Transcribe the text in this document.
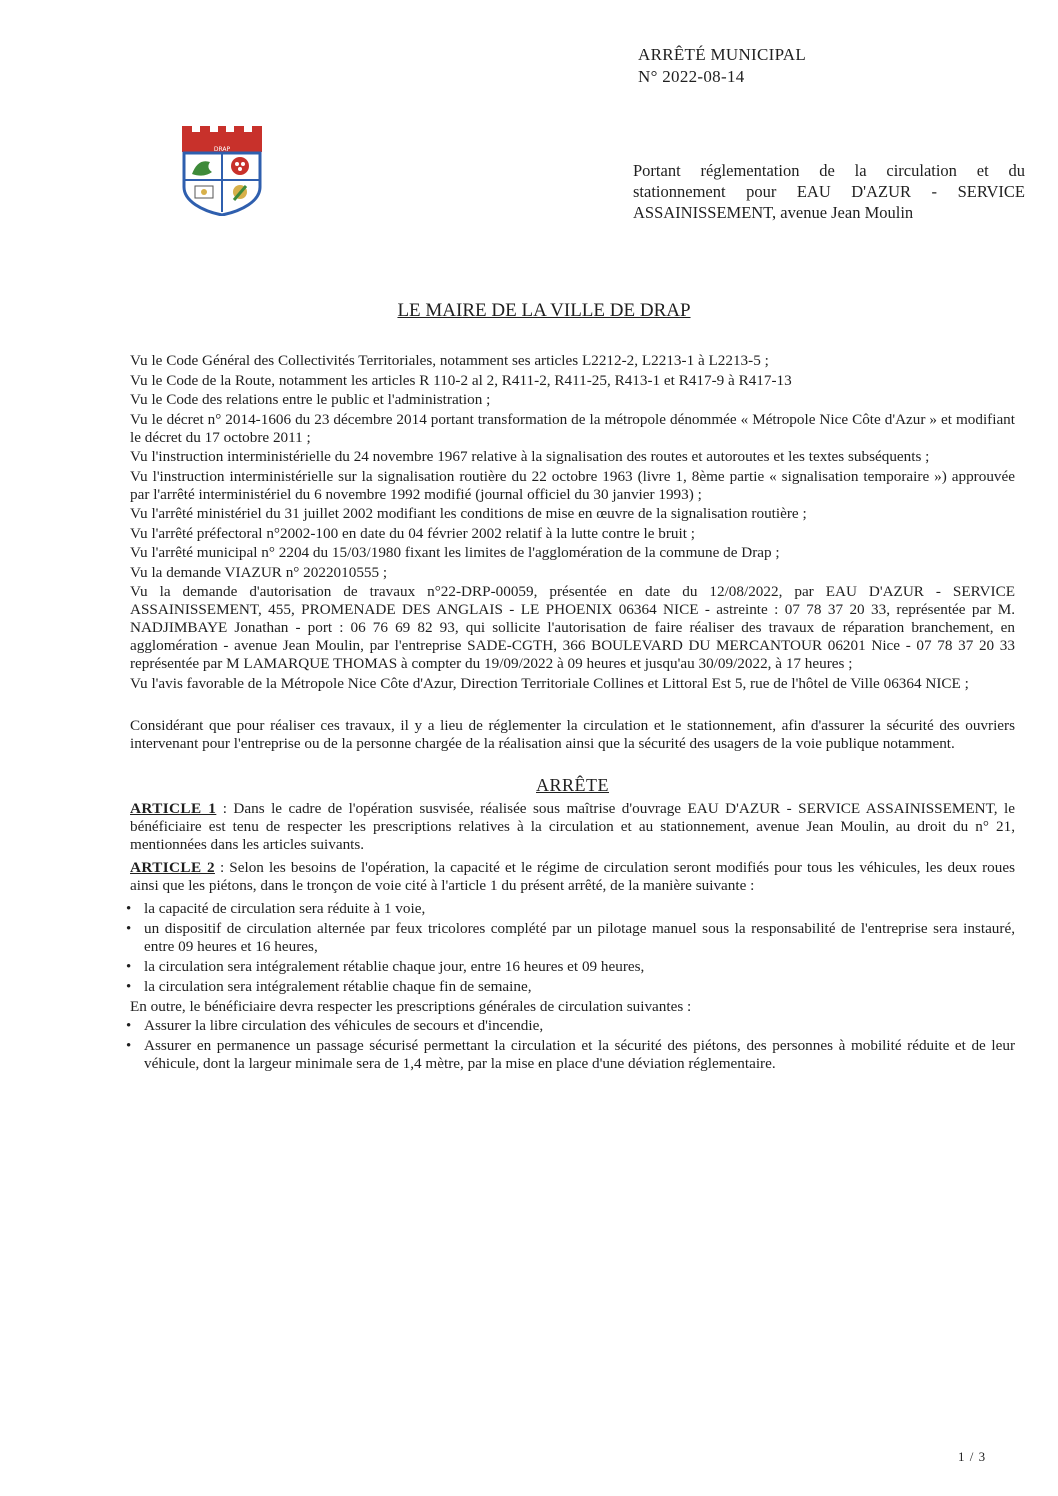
ARRÊTÉ MUNICIPAL
N° 2022-08-14
DRAP
Portant réglementation de la circulation et du stationnement pour EAU D'AZUR - SERVICE ASSAINISSEMENT, avenue Jean Moulin
LE MAIRE DE LA VILLE DE DRAP

Vu le Code Général des Collectivités Territoriales, notamment ses articles L2212-2, L2213-1 à L2213-5 ;

Vu le Code de la Route, notamment les articles R 110-2 al 2, R411-2, R411-25, R413-1 et R417-9 à R417-13

Vu le Code des relations entre le public et l'administration ;

Vu le décret n° 2014-1606 du 23 décembre 2014 portant transformation de la métropole dénommée « Métropole Nice Côte d'Azur » et modifiant le décret du 17 octobre 2011 ;

Vu l'instruction interministérielle du 24 novembre 1967 relative à la signalisation des routes et autoroutes et les textes subséquents ;

Vu l'instruction interministérielle sur la signalisation routière du 22 octobre 1963 (livre 1, 8ème partie « signalisation temporaire ») approuvée par l'arrêté interministériel du 6 novembre 1992 modifié (journal officiel du 30 janvier 1993) ;

Vu l'arrêté ministériel du 31 juillet 2002 modifiant les conditions de mise en œuvre de la signalisation routière ;

Vu l'arrêté préfectoral n°2002-100 en date du 04 février 2002 relatif à la lutte contre le bruit ;

Vu l'arrêté municipal n° 2204 du 15/03/1980 fixant les limites de l'agglomération de la commune de Drap ;

Vu la demande VIAZUR n° 2022010555 ;

Vu la demande d'autorisation de travaux n°22-DRP-00059, présentée en date du 12/08/2022, par EAU D'AZUR - SERVICE ASSAINISSEMENT, 455, PROMENADE DES ANGLAIS - LE PHOENIX 06364 NICE - astreinte : 07 78 37 20 33, représentée par M. NADJIMBAYE Jonathan - port : 06 76 69 82 93, qui sollicite l'autorisation de faire réaliser des travaux de réparation branchement, en agglomération - avenue Jean Moulin, par l'entreprise SADE-CGTH, 366 BOULEVARD DU MERCANTOUR 06201 Nice - 07 78 37 20 33 représentée par M LAMARQUE THOMAS à compter du 19/09/2022 à 09 heures et jusqu'au 30/09/2022, à 17 heures ;

Vu l'avis favorable de la Métropole Nice Côte d'Azur, Direction Territoriale Collines et Littoral Est 5, rue de l'hôtel de Ville 06364 NICE ;

Considérant que pour réaliser ces travaux, il y a lieu de réglementer la circulation et le stationnement, afin d'assurer la sécurité des ouvriers intervenant pour l'entreprise ou de la personne chargée de la réalisation ainsi que la sécurité des usagers de la voie publique notamment.

ARRÊTE

ARTICLE 1 : Dans le cadre de l'opération susvisée, réalisée sous maîtrise d'ouvrage EAU D'AZUR - SERVICE ASSAINISSEMENT, le bénéficiaire est tenu de respecter les prescriptions relatives à la circulation et au stationnement, avenue Jean Moulin, au droit du n° 21, mentionnées dans les articles suivants.

ARTICLE 2 : Selon les besoins de l'opération, la capacité et le régime de circulation seront modifiés pour tous les véhicules, les deux roues ainsi que les piétons, dans le tronçon de voie cité à l'article 1 du présent arrêté, de la manière suivante :

• la capacité de circulation sera réduite à 1 voie,
• un dispositif de circulation alternée par feux tricolores complété par un pilotage manuel sous la responsabilité de l'entreprise sera instauré, entre 09 heures et 16 heures,
• la circulation sera intégralement rétablie chaque jour, entre 16 heures et 09 heures,
• la circulation sera intégralement rétablie chaque fin de semaine,

En outre, le bénéficiaire devra respecter les prescriptions générales de circulation suivantes :

• Assurer la libre circulation des véhicules de secours et d'incendie,
• Assurer en permanence un passage sécurisé permettant la circulation et la sécurité des piétons, des personnes à mobilité réduite et de leur véhicule, dont la largeur minimale sera de 1,4 mètre, par la mise en place d'une déviation réglementaire.
1 / 3
